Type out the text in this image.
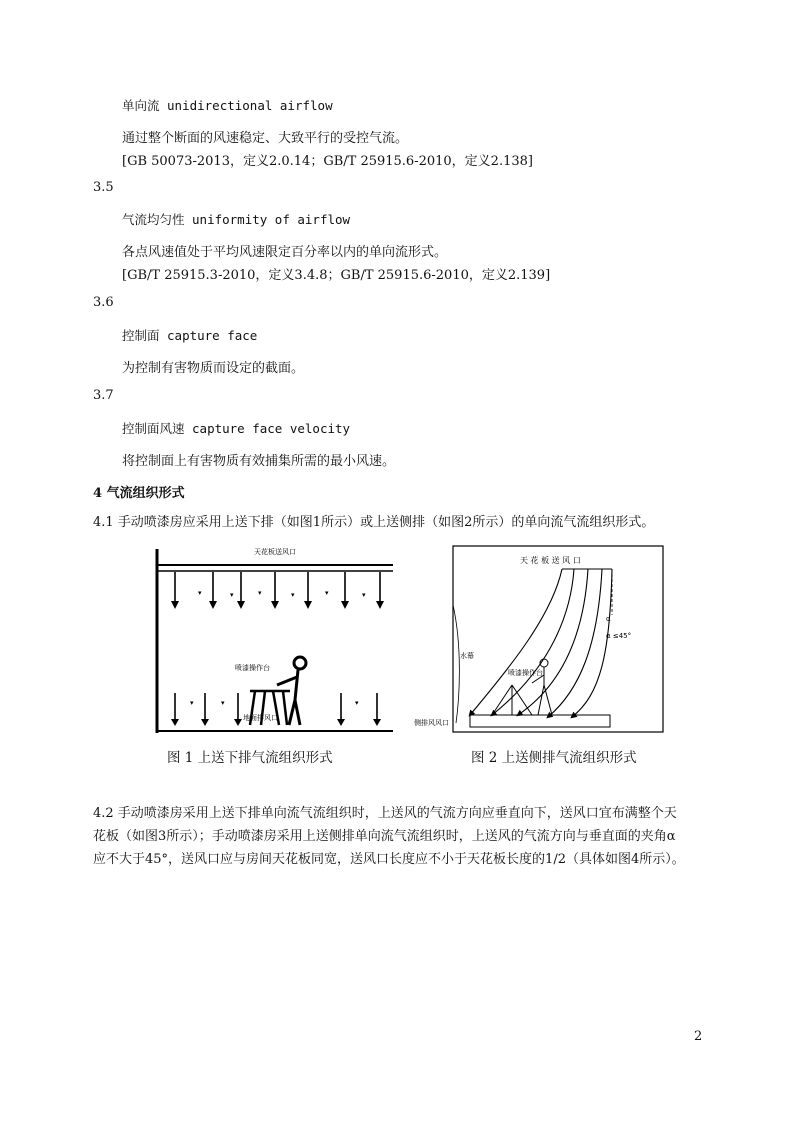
单向流 unidirectional airflow
通过整个断面的风速稳定、大致平行的受控气流。
[GB 50073-2013，定义2.0.14；GB/T 25915.6-2010，定义2.138]
3.5
气流均匀性 uniformity of airflow
各点风速值处于平均风速限定百分率以内的单向流形式。
[GB/T 25915.3-2010，定义3.4.8；GB/T 25915.6-2010，定义2.139]
3.6
控制面 capture face
为控制有害物质而设定的截面。
3.7
控制面风速 capture face velocity
将控制面上有害物质有效捕集所需的最小风速。
4 气流组织形式
4.1 手动喷漆房应采用上送下排（如图1所示）或上送侧排（如图2所示）的单向流气流组织形式。
天花板送风口
▾	▾	▾	▾	▾	▾
喷漆操作台
▾	▾	▾
地面排风口
图 1 上送下排气流组织形式
天 花 板 送 风 口
α
α ≤45°
水幕
喷漆操作台
侧排风风口
图 2 上送侧排气流组织形式
4.2 手动喷漆房采用上送下排单向流气流组织时，上送风的气流方向应垂直向下，送风口宜布满整个天
花板（如图3所示）；手动喷漆房采用上送侧排单向流气流组织时，上送风的气流方向与垂直面的夹角α
应不大于45°，送风口应与房间天花板同宽，送风口长度应不小于天花板长度的1/2（具体如图4所示）。
2
